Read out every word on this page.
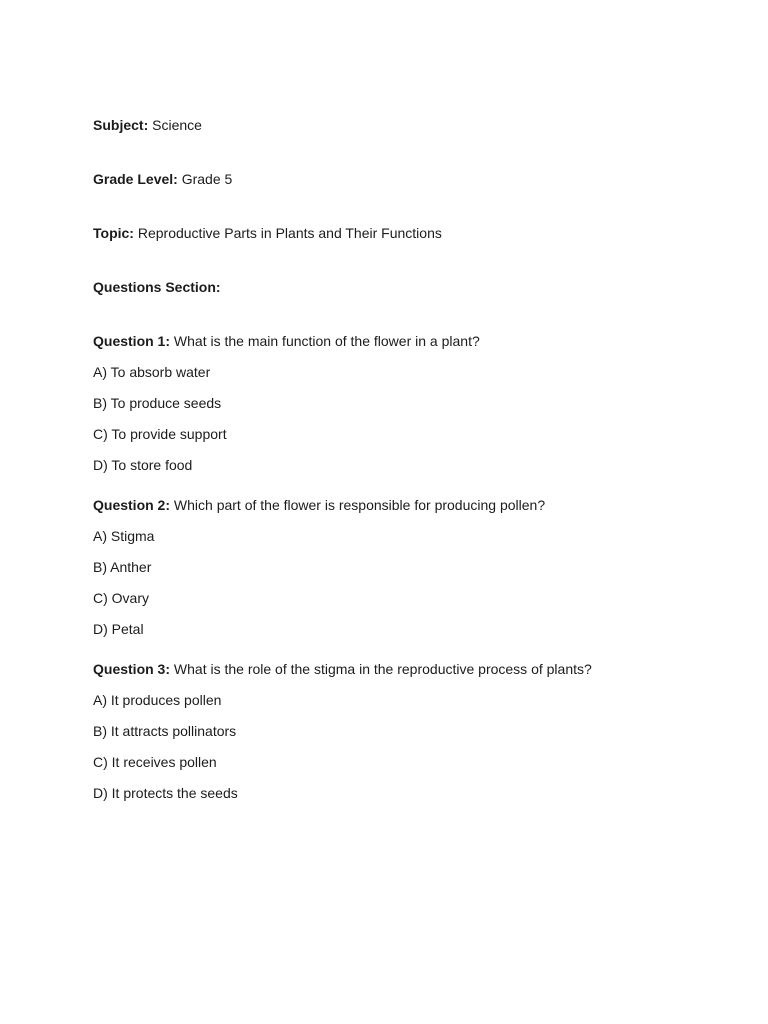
Subject: Science

Grade Level: Grade 5

Topic: Reproductive Parts in Plants and Their Functions

Questions Section:

Question 1: What is the main function of the flower in a plant?

A) To absorb water

B) To produce seeds

C) To provide support

D) To store food

Question 2: Which part of the flower is responsible for producing pollen?

A) Stigma

B) Anther

C) Ovary

D) Petal

Question 3: What is the role of the stigma in the reproductive process of plants?

A) It produces pollen

B) It attracts pollinators

C) It receives pollen

D) It protects the seeds
